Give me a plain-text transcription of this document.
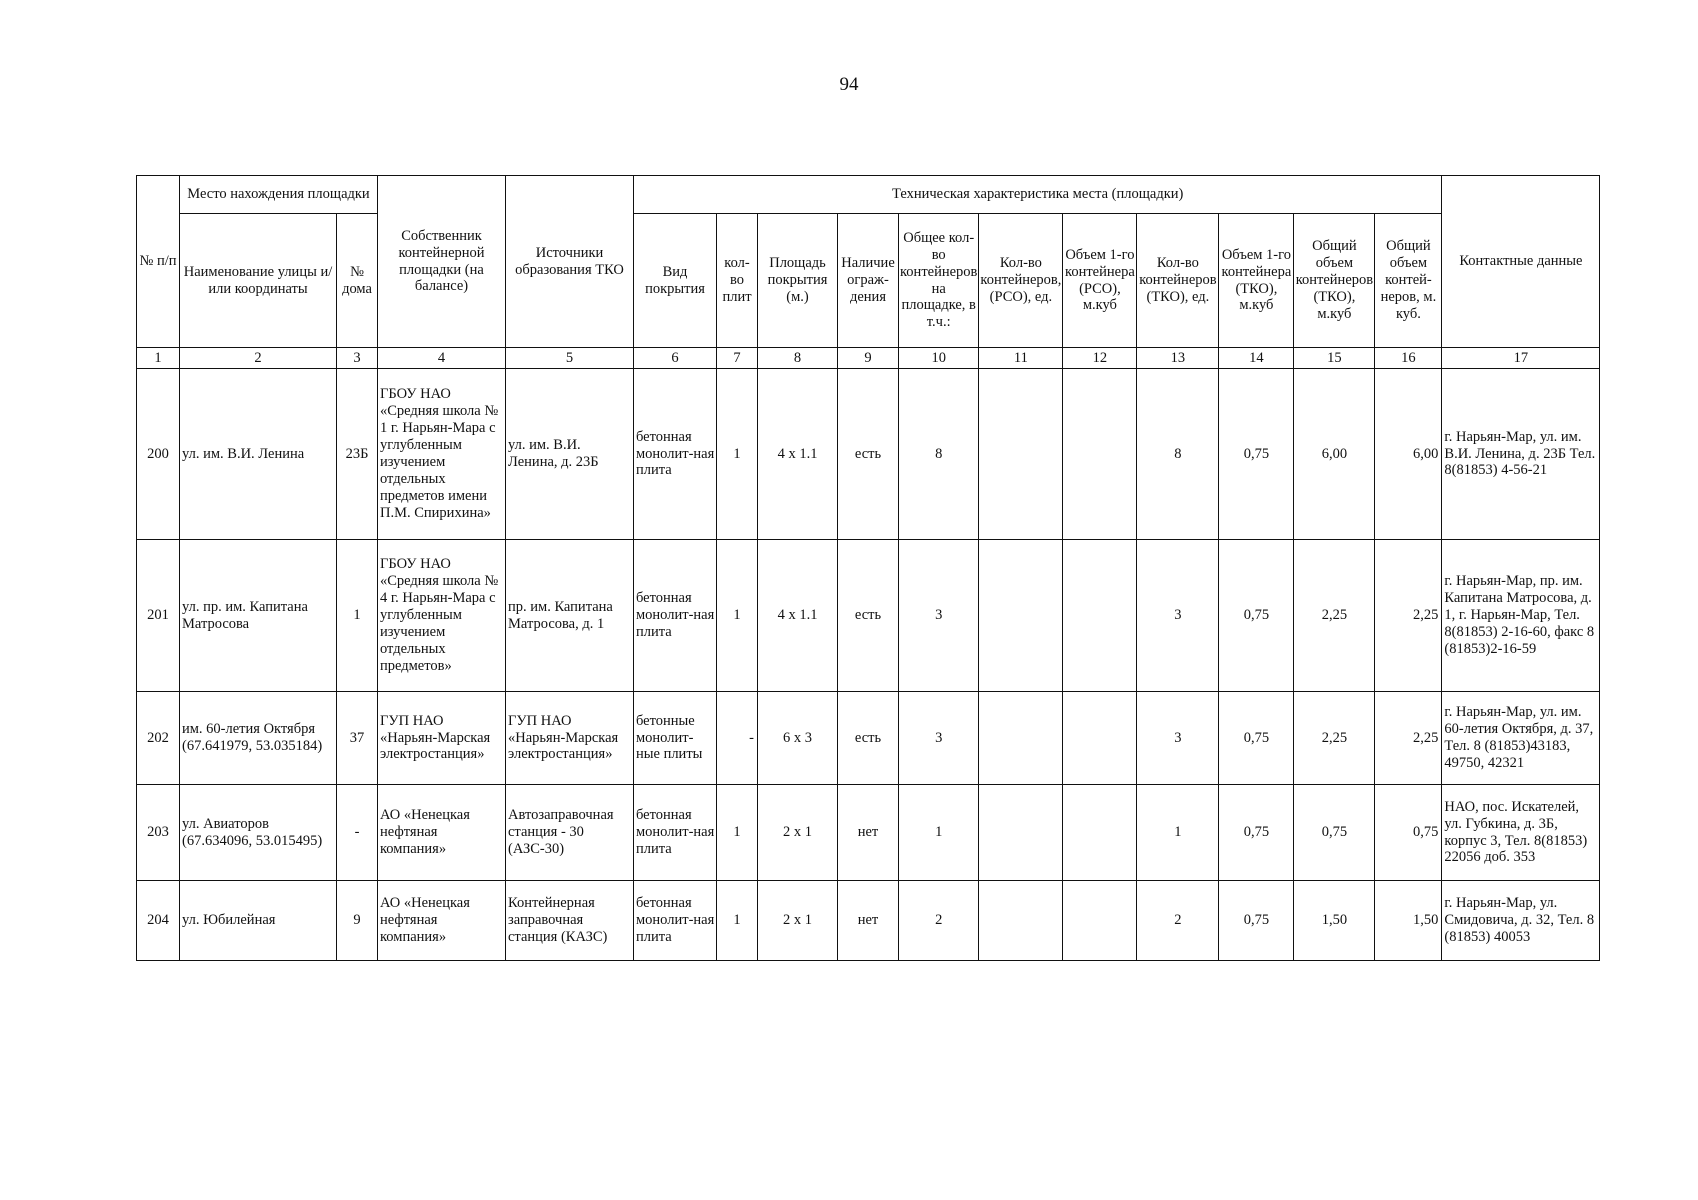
94
№ п/п	Место нахождения площадки		Собственник контейнерной площадки (на балансе)	Источники образования ТКО	Техническая характеристика места (площадки)											Контактные данные
	Наименование улицы и/или координаты	№ дома			Вид покрытия	кол-во плит	Площадь покрытия (м.)	Наличие ограж-дения	Общее кол-во контейнеров на площадке, в т.ч.:	Кол-во контейнеров, (РСО), ед.	Объем 1-го контейнера (РСО), м.куб	Кол-во контейнеров (ТКО), ед.	Объем 1-го контейнера (ТКО), м.куб	Общий объем контейнеров (ТКО), м.куб	Общий объем контей-неров, м. куб.	
1	2	3	4	5	6	7	8	9	10	11	12	13	14	15	16	17
200	ул. им. В.И. Ленина	23Б	ГБОУ НАО «Средняя школа № 1 г. Нарьян-Мара с углубленным изучением отдельных предметов имени П.М. Спирихина»	ул. им. В.И. Ленина, д. 23Б	бетонная монолит-ная плита	1	4 x 1.1	есть	8			8	0,75	6,00	6,00	г. Нарьян-Мар, ул. им. В.И. Ленина, д. 23Б Тел. 8(81853) 4-56-21
201	ул. пр. им. Капитана Матросова	1	ГБОУ НАО «Средняя школа № 4 г. Нарьян-Мара с углубленным изучением отдельных предметов»	пр. им. Капитана Матросова, д. 1	бетонная монолит-ная плита	1	4 x 1.1	есть	3			3	0,75	2,25	2,25	г. Нарьян-Мар, пр. им. Капитана Матросова, д. 1, г. Нарьян-Мар, Тел. 8(81853) 2-16-60, факс 8 (81853)2-16-59
202	им. 60-летия Октября (67.641979, 53.035184)	37	ГУП НАО «Нарьян-Марская электростанция»	ГУП НАО «Нарьян-Марская электростанция»	бетонные монолит-ные плиты	-	6 x 3	есть	3			3	0,75	2,25	2,25	г. Нарьян-Мар, ул. им. 60-летия Октября, д. 37, Тел. 8 (81853)43183, 49750, 42321
203	ул. Авиаторов (67.634096, 53.015495)	-	АО «Ненецкая нефтяная компания»	Автозаправочная станция - 30 (АЗС-30)	бетонная монолит-ная плита	1	2 x 1	нет	1			1	0,75	0,75	0,75	НАО, пос. Искателей, ул. Губкина, д. 3Б, корпус 3, Тел. 8(81853) 22056 доб. 353
204	ул. Юбилейная	9	АО «Ненецкая нефтяная компания»	Контейнерная заправочная станция (КАЗС)	бетонная монолит-ная плита	1	2 x 1	нет	2			2	0,75	1,50	1,50	г. Нарьян-Мар, ул. Смидовича, д. 32, Тел. 8 (81853) 40053
